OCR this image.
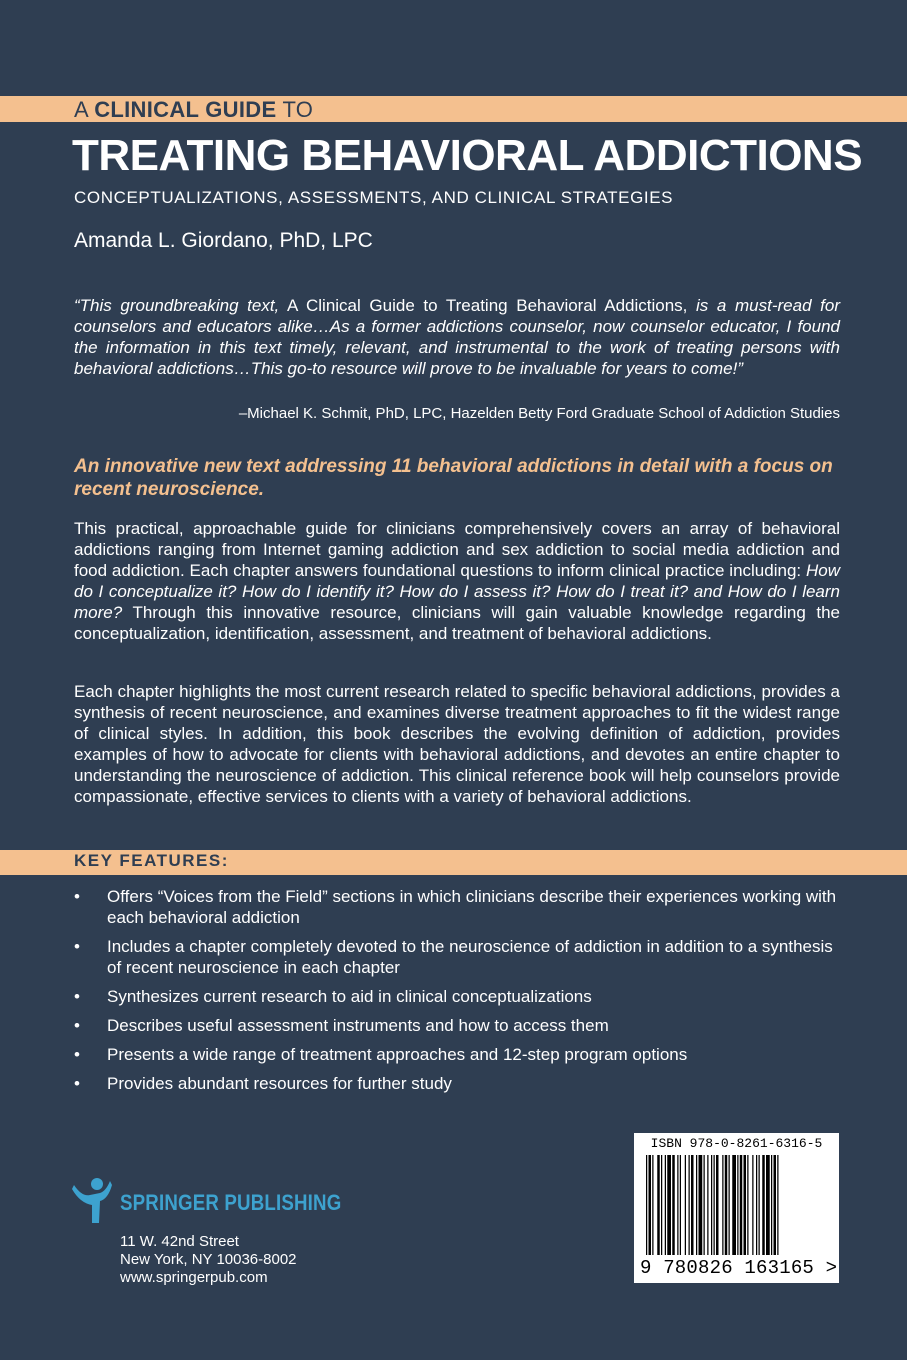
A CLINICAL GUIDE TO
TREATING BEHAVIORAL ADDICTIONS
CONCEPTUALIZATIONS, ASSESSMENTS, AND CLINICAL STRATEGIES
Amanda L. Giordano, PhD, LPC
“This groundbreaking text, A Clinical Guide to Treating Behavioral Addictions, is a must-read for counselors and educators alike…As a former addictions counselor, now counselor educator, I found the information in this text timely, relevant, and instrumental to the work of treating persons with behavioral addictions…This go-to resource will prove to be invaluable for years to come!”
–Michael K. Schmit, PhD, LPC, Hazelden Betty Ford Graduate School of Addiction Studies
An innovative new text addressing 11 behavioral addictions in detail with a focus on recent neuroscience.
This practical, approachable guide for clinicians comprehensively covers an array of behavioral addictions ranging from Internet gaming addiction and sex addiction to social media addiction and food addiction. Each chapter answers foundational questions to inform clinical practice including: How do I conceptualize it? How do I identify it? How do I assess it? How do I treat it? and How do I learn more? Through this innovative resource, clinicians will gain valuable knowledge regarding the conceptualization, identification, assessment, and treatment of behavioral addictions.
Each chapter highlights the most current research related to specific behavioral addictions, provides a synthesis of recent neuroscience, and examines diverse treatment approaches to fit the widest range of clinical styles. In addition, this book describes the evolving definition of addiction, provides examples of how to advocate for clients with behavioral addictions, and devotes an entire chapter to understanding the neuroscience of addiction. This clinical reference book will help counselors provide compassionate, effective services to clients with a variety of behavioral addictions.
KEY FEATURES:
• Offers “Voices from the Field” sections in which clinicians describe their experiences working with each behavioral addiction
• Includes a chapter completely devoted to the neuroscience of addiction in addition to a synthesis of recent neuroscience in each chapter
• Synthesizes current research to aid in clinical conceptualizations
• Describes useful assessment instruments and how to access them
• Presents a wide range of treatment approaches and 12-step program options
• Provides abundant resources for further study
SPRINGER PUBLISHING
11 W. 42nd Street
New York, NY 10036-8002
www.springerpub.com
ISBN 978-0-8261-6316-5
9 780826 163165 >
